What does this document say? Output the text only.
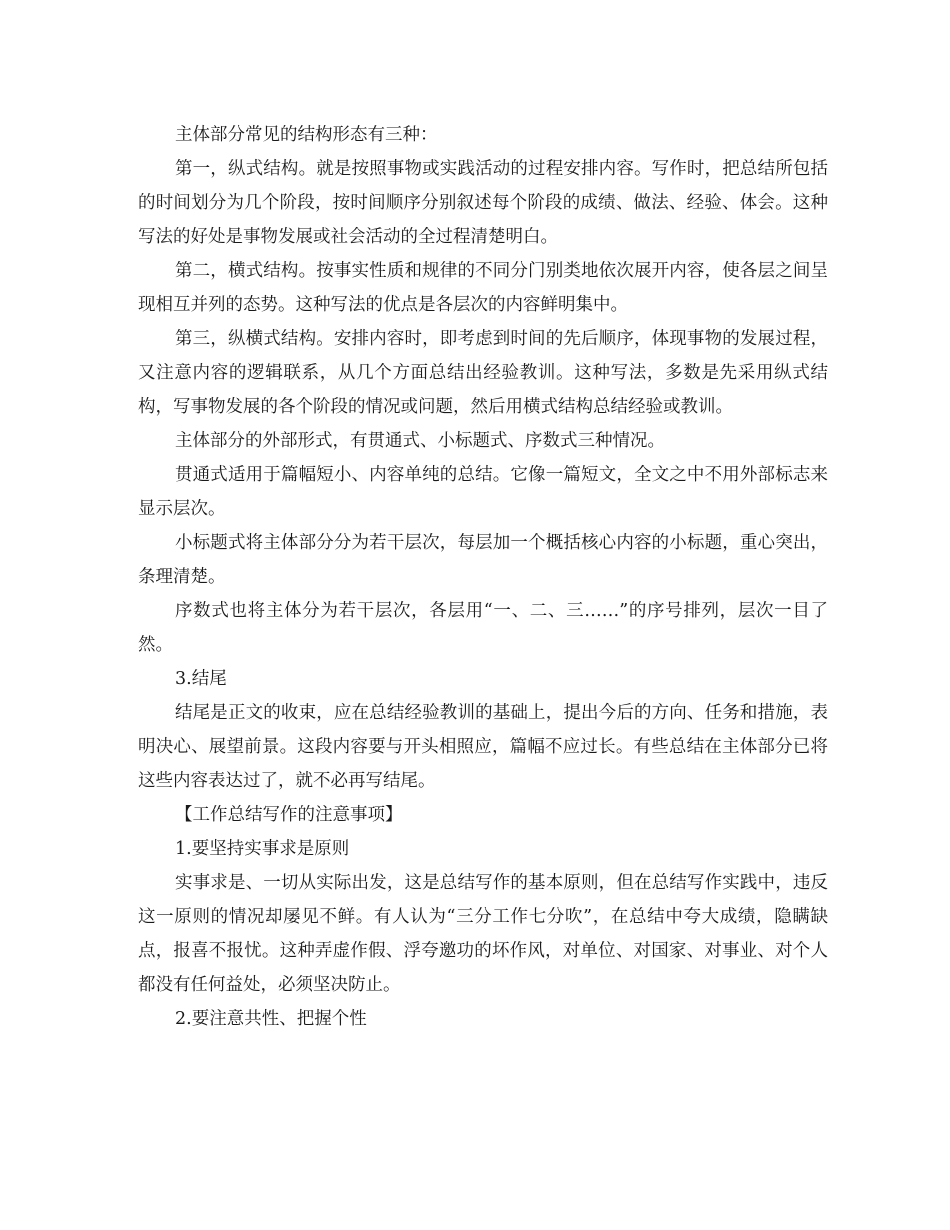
主体部分常见的结构形态有三种：

第一，纵式结构。就是按照事物或实践活动的过程安排内容。写作时，把总结所包括的时间划分为几个阶段，按时间顺序分别叙述每个阶段的成绩、做法、经验、体会。这种写法的好处是事物发展或社会活动的全过程清楚明白。

第二，横式结构。按事实性质和规律的不同分门别类地依次展开内容，使各层之间呈现相互并列的态势。这种写法的优点是各层次的内容鲜明集中。

第三，纵横式结构。安排内容时，即考虑到时间的先后顺序，体现事物的发展过程，又注意内容的逻辑联系，从几个方面总结出经验教训。这种写法，多数是先采用纵式结构，写事物发展的各个阶段的情况或问题，然后用横式结构总结经验或教训。

主体部分的外部形式，有贯通式、小标题式、序数式三种情况。

贯通式适用于篇幅短小、内容单纯的总结。它像一篇短文，全文之中不用外部标志来显示层次。

小标题式将主体部分分为若干层次，每层加一个概括核心内容的小标题，重心突出，条理清楚。

序数式也将主体分为若干层次，各层用“一、二、三……”的序号排列，层次一目了然。

3.结尾

结尾是正文的收束，应在总结经验教训的基础上，提出今后的方向、任务和措施，表明决心、展望前景。这段内容要与开头相照应，篇幅不应过长。有些总结在主体部分已将这些内容表达过了，就不必再写结尾。

【工作总结写作的注意事项】

1.要坚持实事求是原则

实事求是、一切从实际出发，这是总结写作的基本原则，但在总结写作实践中，违反这一原则的情况却屡见不鲜。有人认为“三分工作七分吹”，在总结中夸大成绩，隐瞒缺点，报喜不报忧。这种弄虚作假、浮夸邀功的坏作风，对单位、对国家、对事业、对个人都没有任何益处，必须坚决防止。

2.要注意共性、把握个性
